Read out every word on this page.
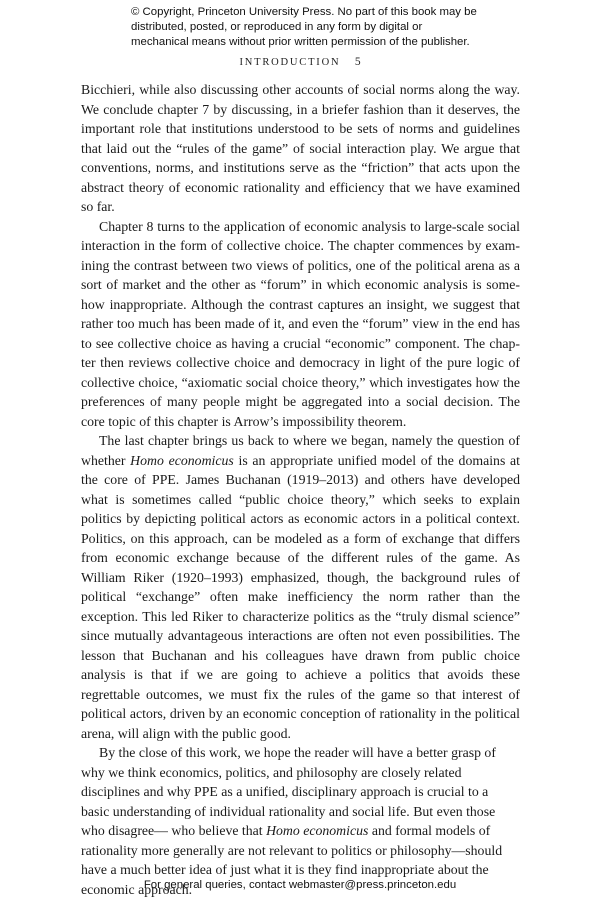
© Copyright, Princeton University Press. No part of this book may be distributed, posted, or reproduced in any form by digital or mechanical means without prior written permission of the publisher.
INTRODUCTION 5

Bicchieri, while also discussing other accounts of social norms along the way. We conclude chapter 7 by discussing, in a briefer fashion than it deserves, the important role that institutions understood to be sets of norms and guidelines that laid out the “rules of the game” of social interaction play. We argue that conventions, norms, and institutions serve as the “friction” that acts upon the abstract theory of economic rationality and efficiency that we have examined so far.

Chapter 8 turns to the application of economic analysis to large-scale social interaction in the form of collective choice. The chapter commences by examining the contrast between two views of politics, one of the political arena as a sort of market and the other as “forum” in which economic analysis is somehow inappropriate. Although the contrast captures an insight, we suggest that rather too much has been made of it, and even the “forum” view in the end has to see collective choice as having a crucial “economic” component. The chapter then reviews collective choice and democracy in light of the pure logic of collective choice, “axiomatic social choice theory,” which investigates how the preferences of many people might be aggregated into a social decision. The core topic of this chapter is Arrow’s impossibility theorem.

The last chapter brings us back to where we began, namely the question of whether Homo economicus is an appropriate unified model of the domains at the core of PPE. James Buchanan (1919–2013) and others have developed what is sometimes called “public choice theory,” which seeks to explain politics by depicting political actors as economic actors in a political context. Politics, on this approach, can be modeled as a form of exchange that differs from economic exchange because of the different rules of the game. As William Riker (1920–1993) emphasized, though, the background rules of political “exchange” often make inefficiency the norm rather than the exception. This led Riker to characterize politics as the “truly dismal science” since mutually advantageous interactions are often not even possibilities. The lesson that Buchanan and his colleagues have drawn from public choice analysis is that if we are going to achieve a politics that avoids these regrettable outcomes, we must fix the rules of the game so that interest of political actors, driven by an economic conception of rationality in the political arena, will align with the public good.

By the close of this work, we hope the reader will have a better grasp of why we think economics, politics, and philosophy are closely related disciplines and why PPE as a unified, disciplinary approach is crucial to a basic understanding of individual rationality and social life. But even those who disagree— who believe that Homo economicus and formal models of rationality more generally are not relevant to politics or philosophy—should have a much better idea of just what it is they find inappropriate about the economic approach.

For general queries, contact webmaster@press.princeton.edu
